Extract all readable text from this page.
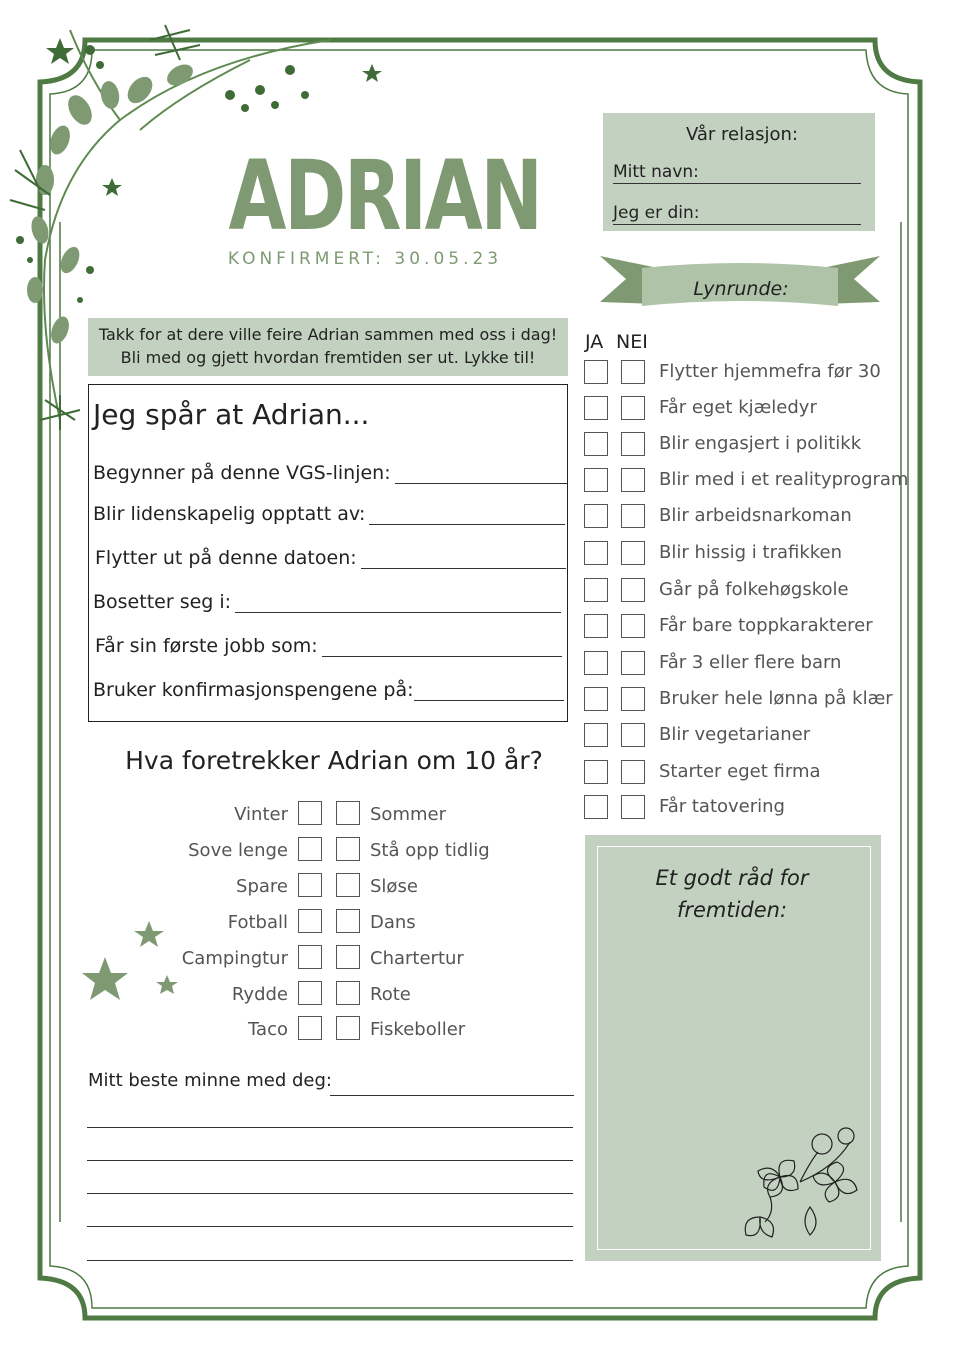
ADRIAN
KONFIRMERT: 30.05.23
Takk for at dere ville feire Adrian sammen med oss i dag!
Bli med og gjett hvordan fremtiden ser ut. Lykke til!
Jeg spår at Adrian...
Begynner på denne VGS-linjen:
Blir lidenskapelig opptatt av:
Flytter ut på denne datoen:
Bosetter seg i:
Får sin første jobb som:
Bruker konfirmasjonspengene på:
Hva foretrekker Adrian om 10 år?
Vinter	Sommer
Sove lenge	Stå opp tidlig
Spare	Sløse
Fotball	Dans
Campingtur	Chartertur
Rydde	Rote
Taco	Fiskeboller
Mitt beste minne med deg:
Vår relasjon:
Mitt navn:
Jeg er din:
Lynrunde:
JA NEI
Flytter hjemmefra før 30
Får eget kjæledyr
Blir engasjert i politikk
Blir med i et realityprogram
Blir arbeidsnarkoman
Blir hissig i trafikken
Går på folkehøgskole
Får bare toppkarakterer
Får 3 eller flere barn
Bruker hele lønna på klær
Blir vegetarianer
Starter eget firma
Får tatovering
Et godt råd for
fremtiden:
